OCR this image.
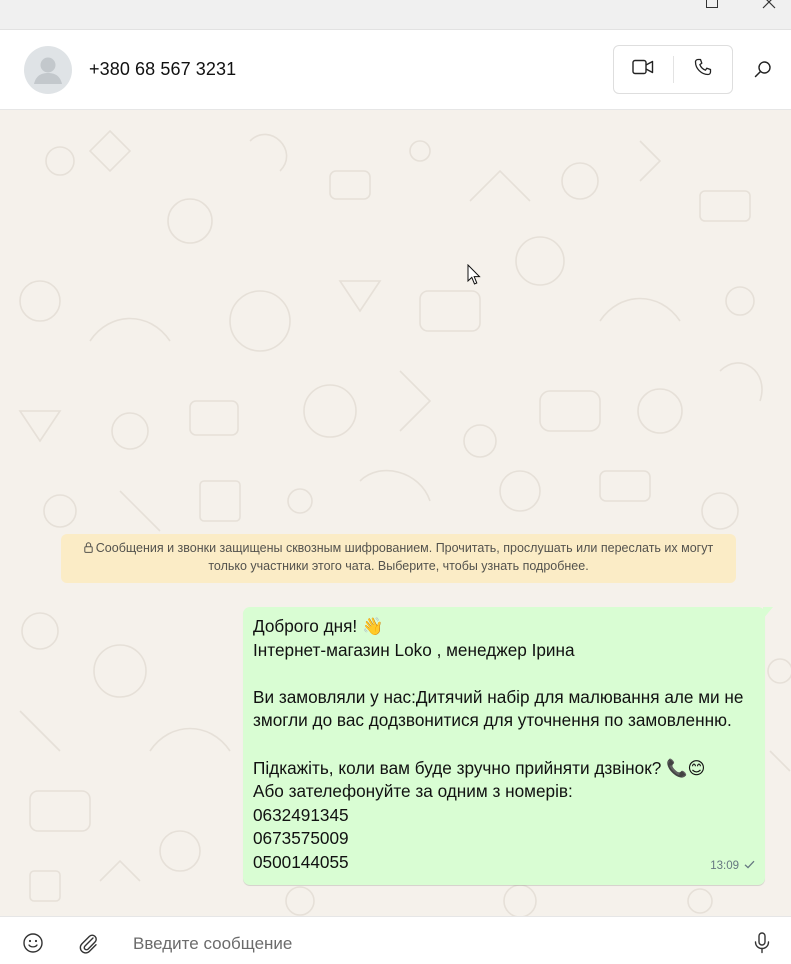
+380 68 567 3231
Сообщения и звонки защищены сквозным шифрованием. Прочитать, прослушать или переслать их могут только участники этого чата. Выберите, чтобы узнать подробнее.
Доброго дня! 👋
Інтернет-магазин Loko , менеджер Ірина
Ви замовляли у нас:Дитячий набір для малювання але ми не змогли до вас додзвонитися для уточнення по замовленню.
Підкажіть, коли вам буде зручно прийняти дзвінок? 📞😊
Або зателефонуйте за одним з номерів:
0632491345
0673575009
0500144055	13:09
Введите сообщение
